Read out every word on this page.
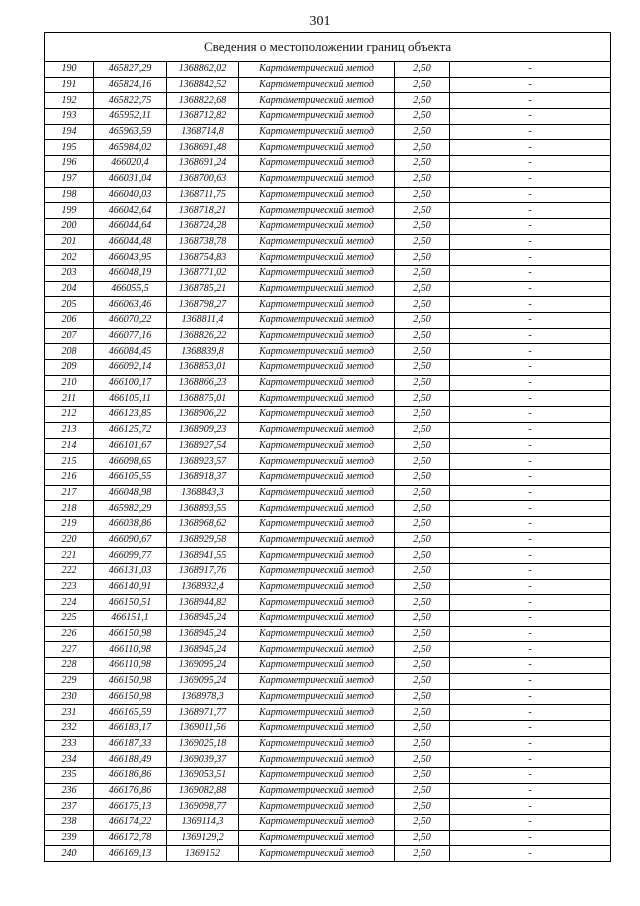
301
Сведения о местоположении границ объекта					
190	465827,29	1368862,02	Картометрический метод	2,50	-
191	465824,16	1368842,52	Картометрический метод	2,50	-
192	465822,75	1368822,68	Картометрический метод	2,50	-
193	465952,11	1368712,82	Картометрический метод	2,50	-
194	465963,59	1368714,8	Картометрический метод	2,50	-
195	465984,02	1368691,48	Картометрический метод	2,50	-
196	466020,4	1368691,24	Картометрический метод	2,50	-
197	466031,04	1368700,63	Картометрический метод	2,50	-
198	466040,03	1368711,75	Картометрический метод	2,50	-
199	466042,64	1368718,21	Картометрический метод	2,50	-
200	466044,64	1368724,28	Картометрический метод	2,50	-
201	466044,48	1368738,78	Картометрический метод	2,50	-
202	466043,95	1368754,83	Картометрический метод	2,50	-
203	466048,19	1368771,02	Картометрический метод	2,50	-
204	466055,5	1368785,21	Картометрический метод	2,50	-
205	466063,46	1368798,27	Картометрический метод	2,50	-
206	466070,22	1368811,4	Картометрический метод	2,50	-
207	466077,16	1368826,22	Картометрический метод	2,50	-
208	466084,45	1368839,8	Картометрический метод	2,50	-
209	466092,14	1368853,01	Картометрический метод	2,50	-
210	466100,17	1368866,23	Картометрический метод	2,50	-
211	466105,11	1368875,01	Картометрический метод	2,50	-
212	466123,85	1368906,22	Картометрический метод	2,50	-
213	466125,72	1368909,23	Картометрический метод	2,50	-
214	466101,67	1368927,54	Картометрический метод	2,50	-
215	466098,65	1368923,57	Картометрический метод	2,50	-
216	466105,55	1368918,37	Картометрический метод	2,50	-
217	466048,98	1368843,3	Картометрический метод	2,50	-
218	465982,29	1368893,55	Картометрический метод	2,50	-
219	466038,86	1368968,62	Картометрический метод	2,50	-
220	466090,67	1368929,58	Картометрический метод	2,50	-
221	466099,77	1368941,55	Картометрический метод	2,50	-
222	466131,03	1368917,76	Картометрический метод	2,50	-
223	466140,91	1368932,4	Картометрический метод	2,50	-
224	466150,51	1368944,82	Картометрический метод	2,50	-
225	466151,1	1368945,24	Картометрический метод	2,50	-
226	466150,98	1368945,24	Картометрический метод	2,50	-
227	466110,98	1368945,24	Картометрический метод	2,50	-
228	466110,98	1369095,24	Картометрический метод	2,50	-
229	466150,98	1369095,24	Картометрический метод	2,50	-
230	466150,98	1368978,3	Картометрический метод	2,50	-
231	466165,59	1368971,77	Картометрический метод	2,50	-
232	466183,17	1369011,56	Картометрический метод	2,50	-
233	466187,33	1369025,18	Картометрический метод	2,50	-
234	466188,49	1369039,37	Картометрический метод	2,50	-
235	466186,86	1369053,51	Картометрический метод	2,50	-
236	466176,86	1369082,88	Картометрический метод	2,50	-
237	466175,13	1369098,77	Картометрический метод	2,50	-
238	466174,22	1369114,3	Картометрический метод	2,50	-
239	466172,78	1369129,2	Картометрический метод	2,50	-
240	466169,13	1369152	Картометрический метод	2,50	-
